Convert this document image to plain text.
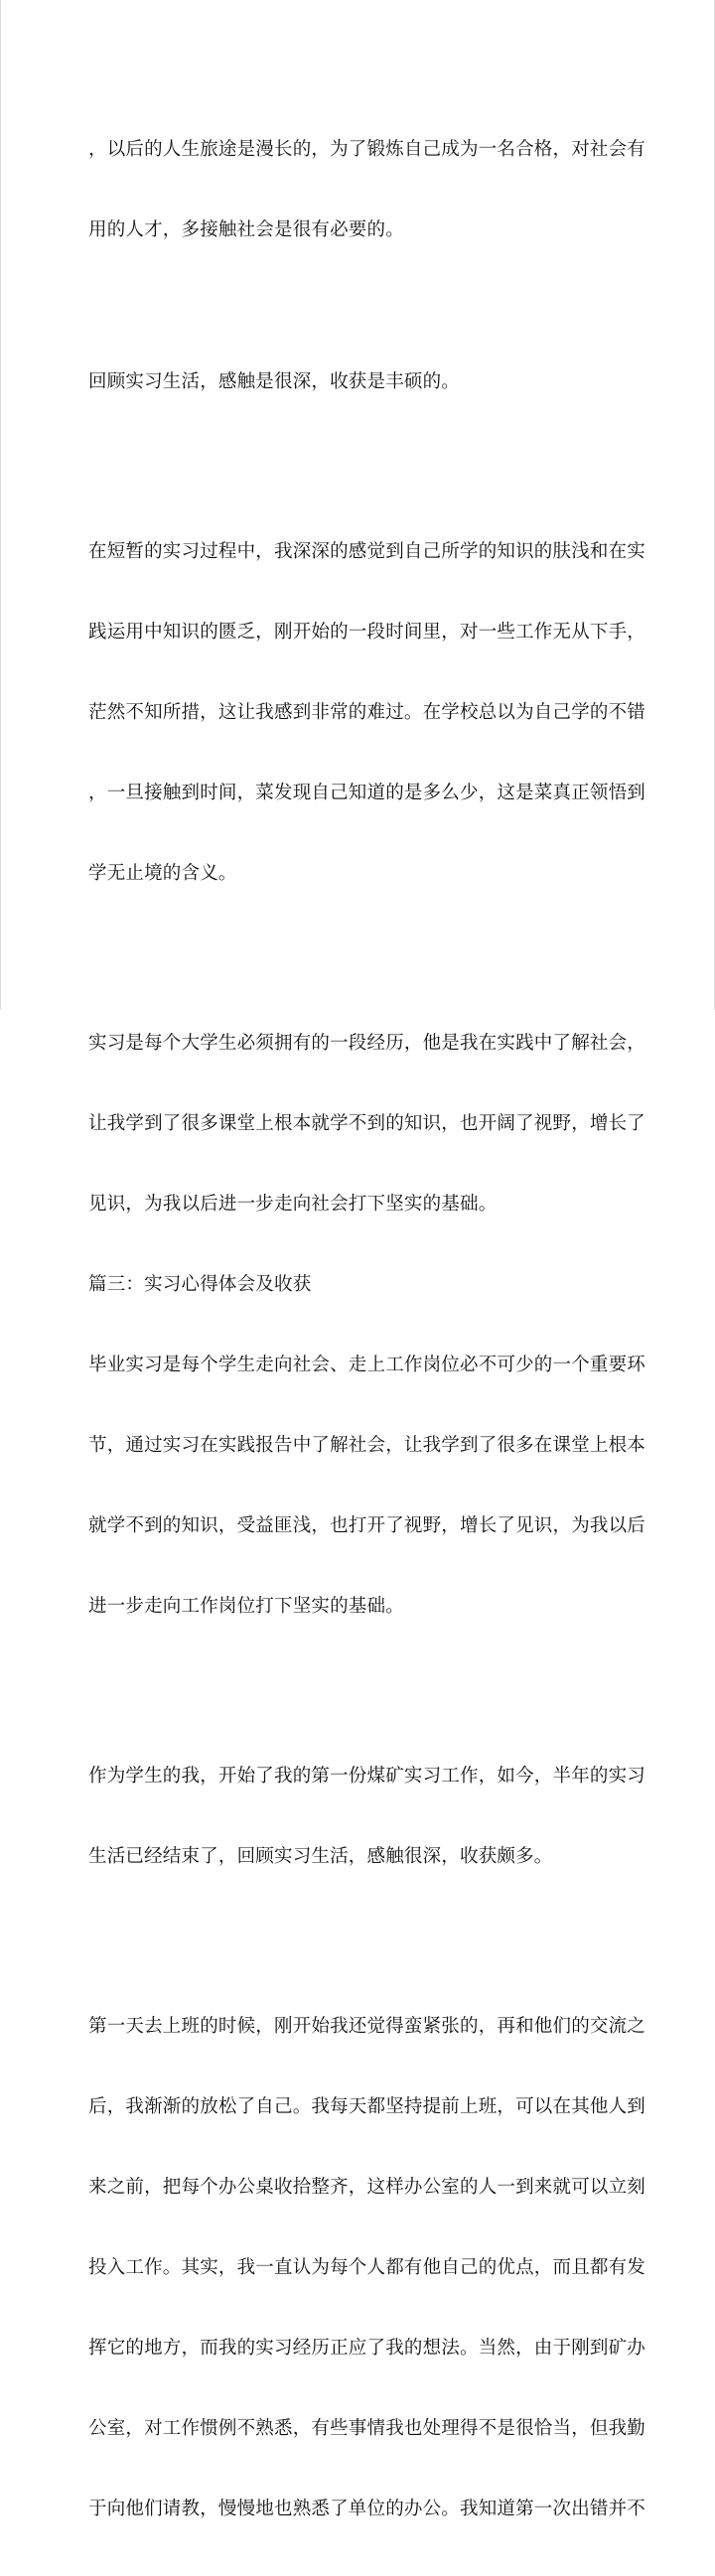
，以后的人生旅途是漫长的，为了锻炼自己成为一名合格，对社会有

用的人才，多接触社会是很有必要的。

回顾实习生活，感触是很深，收获是丰硕的。

在短暂的实习过程中，我深深的感觉到自己所学的知识的肤浅和在实

践运用中知识的匮乏，刚开始的一段时间里，对一些工作无从下手，

茫然不知所措，这让我感到非常的难过。在学校总以为自己学的不错

，一旦接触到时间，菜发现自己知道的是多么少，这是菜真正领悟到

学无止境的含义。

实习是每个大学生必须拥有的一段经历，他是我在实践中了解社会，

让我学到了很多课堂上根本就学不到的知识，也开阔了视野，增长了

见识，为我以后进一步走向社会打下坚实的基础。

篇三：实习心得体会及收获

毕业实习是每个学生走向社会、走上工作岗位必不可少的一个重要环

节，通过实习在实践报告中了解社会，让我学到了很多在课堂上根本

就学不到的知识，受益匪浅，也打开了视野，增长了见识，为我以后

进一步走向工作岗位打下坚实的基础。

作为学生的我，开始了我的第一份煤矿实习工作，如今，半年的实习

生活已经结束了，回顾实习生活，感触很深，收获颇多。

第一天去上班的时候，刚开始我还觉得蛮紧张的，再和他们的交流之

后，我渐渐的放松了自己。我每天都坚持提前上班，可以在其他人到

来之前，把每个办公桌收拾整齐，这样办公室的人一到来就可以立刻

投入工作。其实，我一直认为每个人都有他自己的优点，而且都有发

挥它的地方，而我的实习经历正应了我的想法。当然，由于刚到矿办

公室，对工作惯例不熟悉，有些事情我也处理得不是很恰当，但我勤

于向他们请教，慢慢地也熟悉了单位的办公。我知道第一次出错并不
